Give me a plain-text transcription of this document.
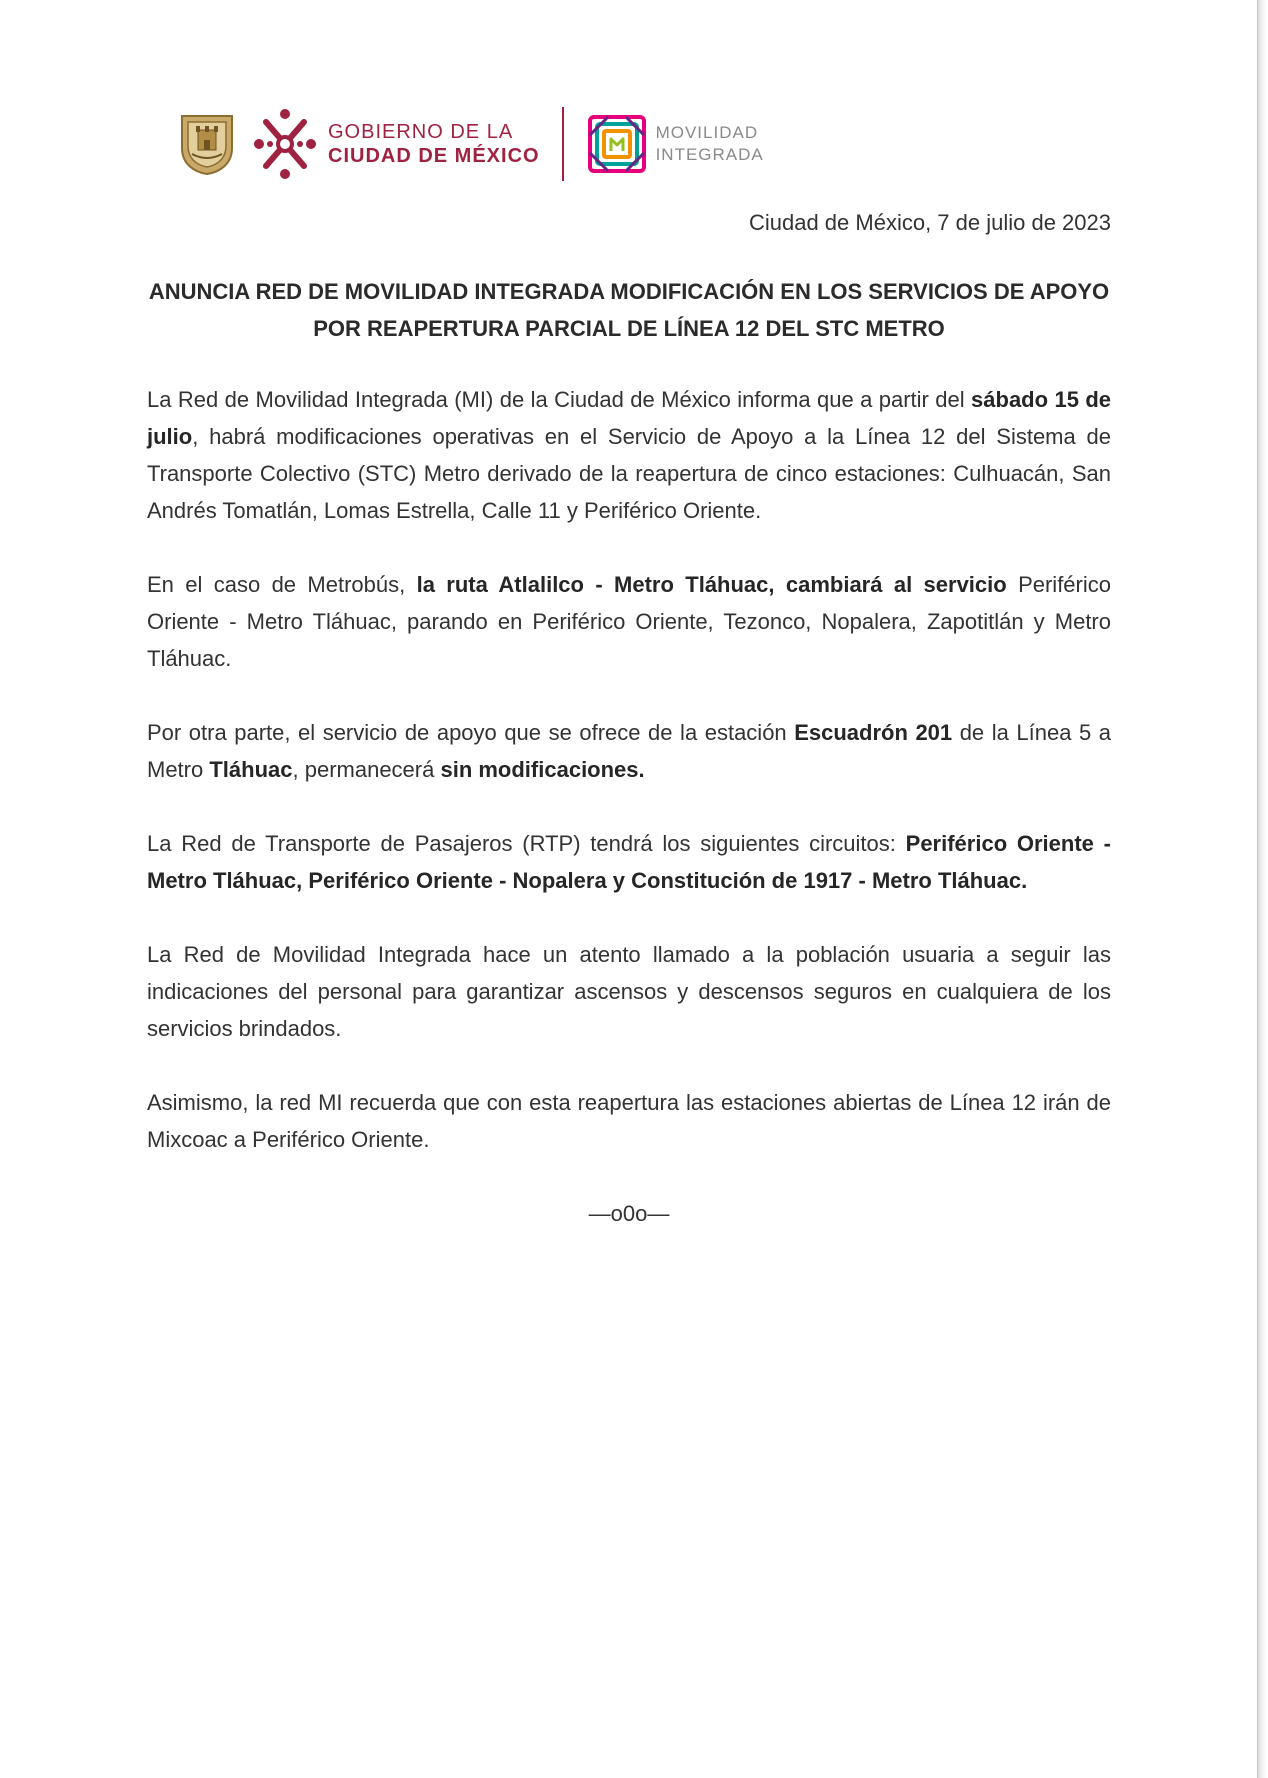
GOBIERNO DE LA
CIUDAD DE MÉXICO
MOVILIDAD
INTEGRADA

Ciudad de México, 7 de julio de 2023

ANUNCIA RED DE MOVILIDAD INTEGRADA MODIFICACIÓN EN LOS SERVICIOS DE APOYO POR REAPERTURA PARCIAL DE LÍNEA 12 DEL STC METRO

La Red de Movilidad Integrada (MI) de la Ciudad de México informa que a partir del sábado 15 de julio, habrá modificaciones operativas en el Servicio de Apoyo a la Línea 12 del Sistema de Transporte Colectivo (STC) Metro derivado de la reapertura de cinco estaciones: Culhuacán, San Andrés Tomatlán, Lomas Estrella, Calle 11 y Periférico Oriente.

En el caso de Metrobús, la ruta Atlalilco - Metro Tláhuac, cambiará al servicio Periférico Oriente - Metro Tláhuac, parando en Periférico Oriente, Tezonco, Nopalera, Zapotitlán y Metro Tláhuac.

Por otra parte, el servicio de apoyo que se ofrece de la estación Escuadrón 201 de la Línea 5 a Metro Tláhuac, permanecerá sin modificaciones.

La Red de Transporte de Pasajeros (RTP) tendrá los siguientes circuitos: Periférico Oriente - Metro Tláhuac, Periférico Oriente - Nopalera y Constitución de 1917 - Metro Tláhuac.

La Red de Movilidad Integrada hace un atento llamado a la población usuaria a seguir las indicaciones del personal para garantizar ascensos y descensos seguros en cualquiera de los servicios brindados.

Asimismo, la red MI recuerda que con esta reapertura las estaciones abiertas de Línea 12 irán de Mixcoac a Periférico Oriente.

—o0o—
